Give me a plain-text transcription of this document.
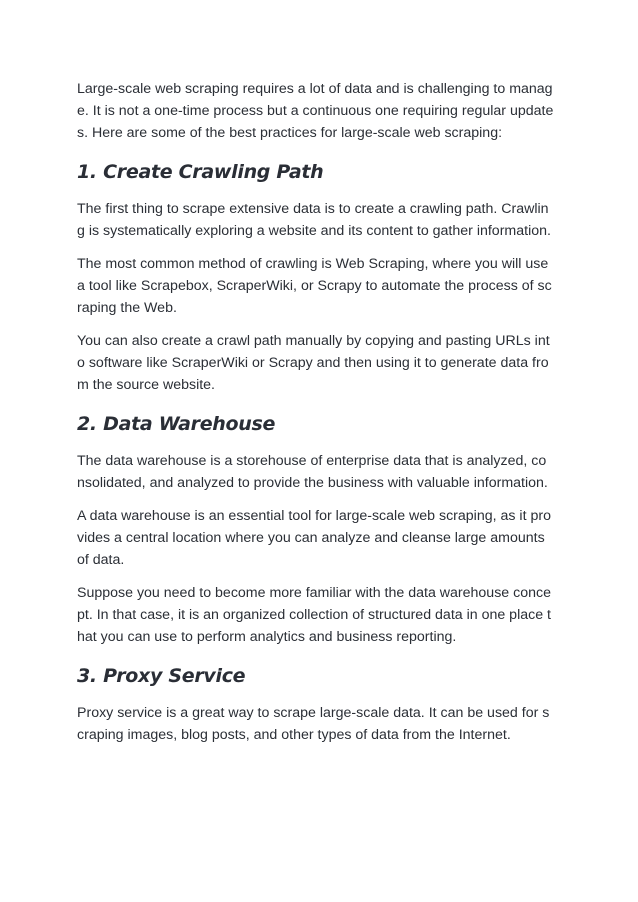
Large-scale web scraping requires a lot of data and is challenging to manag
e. It is not a one-time process but a continuous one requiring regular update
s. Here are some of the best practices for large-scale web scraping:

1. Create Crawling Path

The first thing to scrape extensive data is to create a crawling path. Crawlin
g is systematically exploring a website and its content to gather information.

The most common method of crawling is Web Scraping, where you will use
a tool like Scrapebox, ScraperWiki, or Scrapy to automate the process of sc
raping the Web.

You can also create a crawl path manually by copying and pasting URLs int
o software like ScraperWiki or Scrapy and then using it to generate data fro
m the source website.

2. Data Warehouse

The data warehouse is a storehouse of enterprise data that is analyzed, co
nsolidated, and analyzed to provide the business with valuable information.

A data warehouse is an essential tool for large-scale web scraping, as it pro
vides a central location where you can analyze and cleanse large amounts
of data.

Suppose you need to become more familiar with the data warehouse conce
pt. In that case, it is an organized collection of structured data in one place t
hat you can use to perform analytics and business reporting.

3. Proxy Service

Proxy service is a great way to scrape large-scale data. It can be used for s
craping images, blog posts, and other types of data from the Internet.
